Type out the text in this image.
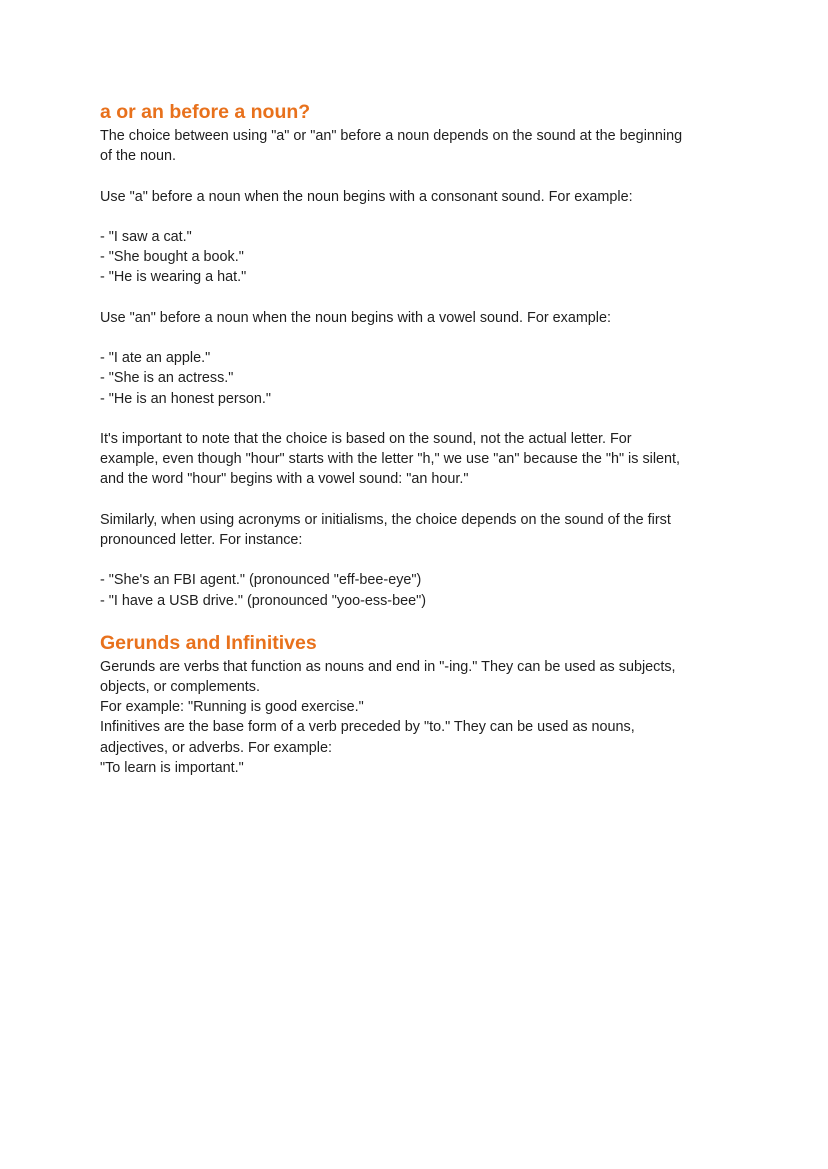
a or an before a noun?

The choice between using "a" or "an" before a noun depends on the sound at the beginning

of the noun.

Use "a" before a noun when the noun begins with a consonant sound. For example:

- "I saw a cat."

- "She bought a book."

- "He is wearing a hat."

Use "an" before a noun when the noun begins with a vowel sound. For example:

- "I ate an apple."

- "She is an actress."

- "He is an honest person."

It's important to note that the choice is based on the sound, not the actual letter. For

example, even though "hour" starts with the letter "h," we use "an" because the "h" is silent,

and the word "hour" begins with a vowel sound: "an hour."

Similarly, when using acronyms or initialisms, the choice depends on the sound of the first

pronounced letter. For instance:

- "She's an FBI agent." (pronounced "eff-bee-eye")

- "I have a USB drive." (pronounced "yoo-ess-bee")

Gerunds and Infinitives

Gerunds are verbs that function as nouns and end in "-ing." They can be used as subjects,

objects, or complements.

For example: "Running is good exercise."

Infinitives are the base form of a verb preceded by "to." They can be used as nouns,

adjectives, or adverbs. For example:

"To learn is important."
